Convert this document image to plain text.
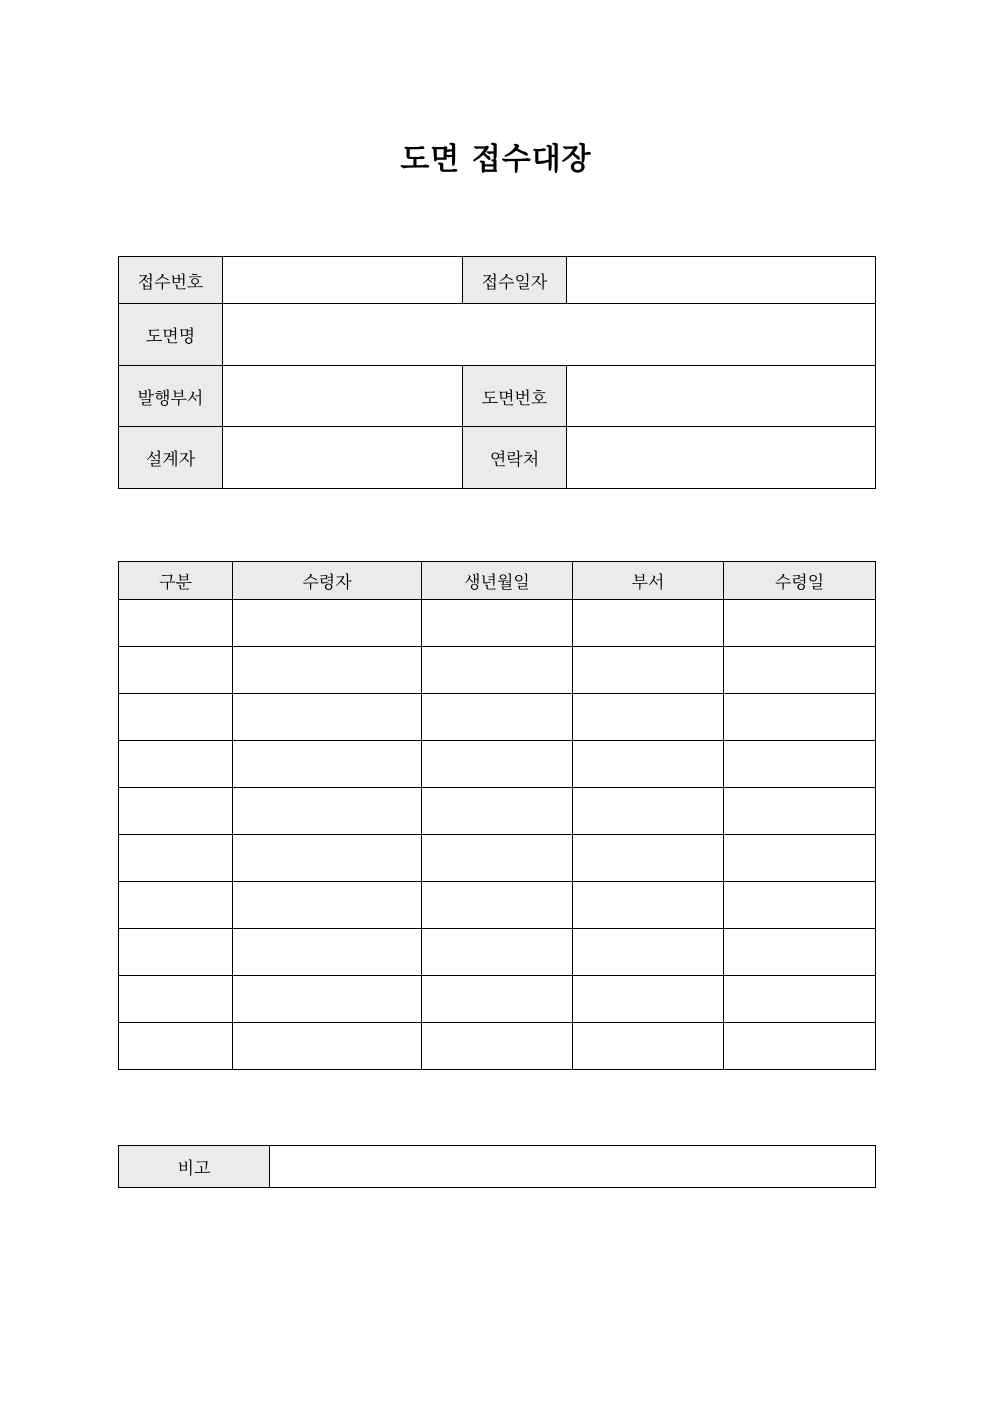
도면 접수대장
접수번호		접수일자	
도면명			
발행부서		도면번호	
설계자		연락처	
구분	수령자	생년월일	부서	수령일

비고	
